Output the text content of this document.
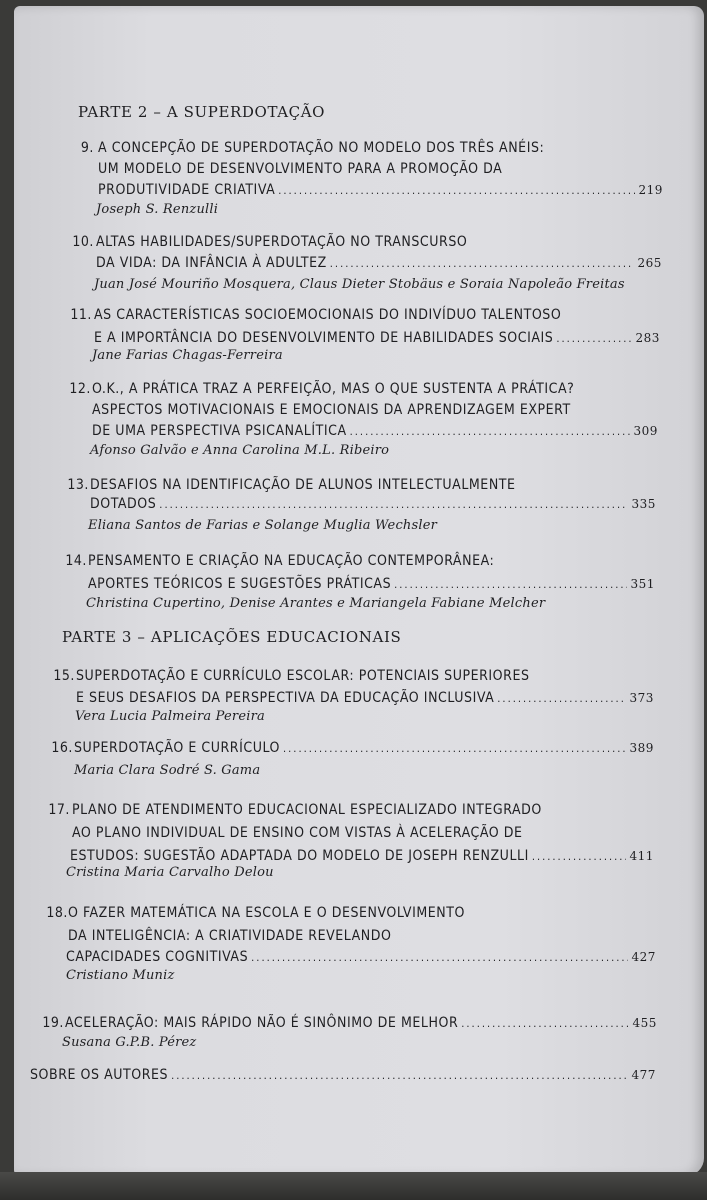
PARTE 2 – A SUPERDOTAÇÃO
9. A CONCEPÇÃO DE SUPERDOTAÇÃO NO MODELO DOS TRÊS ANÉIS:
UM MODELO DE DESENVOLVIMENTO PARA A PROMOÇÃO DA
PRODUTIVIDADE CRIATIVA .....	219
Joseph S. Renzulli
10. ALTAS HABILIDADES/SUPERDOTAÇÃO NO TRANSCURSO
DA VIDA: DA INFÂNCIA À ADULTEZ .....	265
Juan José Mouriño Mosquera, Claus Dieter Stobäus e Soraia Napoleão Freitas
11. AS CARACTERÍSTICAS SOCIOEMOCIONAIS DO INDIVÍDUO TALENTOSO
E A IMPORTÂNCIA DO DESENVOLVIMENTO DE HABILIDADES SOCIAIS .....	283
Jane Farias Chagas-Ferreira
12. O.K., A PRÁTICA TRAZ A PERFEIÇÃO, MAS O QUE SUSTENTA A PRÁTICA?
ASPECTOS MOTIVACIONAIS E EMOCIONAIS DA APRENDIZAGEM EXPERT
DE UMA PERSPECTIVA PSICANALÍTICA .....	309
Afonso Galvão e Anna Carolina M.L. Ribeiro
13. DESAFIOS NA IDENTIFICAÇÃO DE ALUNOS INTELECTUALMENTE
DOTADOS .....	335
Eliana Santos de Farias e Solange Muglia Wechsler
14. PENSAMENTO E CRIAÇÃO NA EDUCAÇÃO CONTEMPORÂNEA:
APORTES TEÓRICOS E SUGESTÕES PRÁTICAS .....	351
Christina Cupertino, Denise Arantes e Mariangela Fabiane Melcher
PARTE 3 – APLICAÇÕES EDUCACIONAIS
15. SUPERDOTAÇÃO E CURRÍCULO ESCOLAR: POTENCIAIS SUPERIORES
E SEUS DESAFIOS DA PERSPECTIVA DA EDUCAÇÃO INCLUSIVA .....	373
Vera Lucia Palmeira Pereira
16. SUPERDOTAÇÃO E CURRÍCULO .....	389
Maria Clara Sodré S. Gama
17. PLANO DE ATENDIMENTO EDUCACIONAL ESPECIALIZADO INTEGRADO
AO PLANO INDIVIDUAL DE ENSINO COM VISTAS À ACELERAÇÃO DE
ESTUDOS: SUGESTÃO ADAPTADA DO MODELO DE JOSEPH RENZULLI .....	411
Cristina Maria Carvalho Delou
18. O FAZER MATEMÁTICA NA ESCOLA E O DESENVOLVIMENTO
DA INTELIGÊNCIA: A CRIATIVIDADE REVELANDO
CAPACIDADES COGNITIVAS .....	427
Cristiano Muniz
19. ACELERAÇÃO: MAIS RÁPIDO NÃO É SINÔNIMO DE MELHOR .....	455
Susana G.P.B. Pérez
SOBRE OS AUTORES .....	477
